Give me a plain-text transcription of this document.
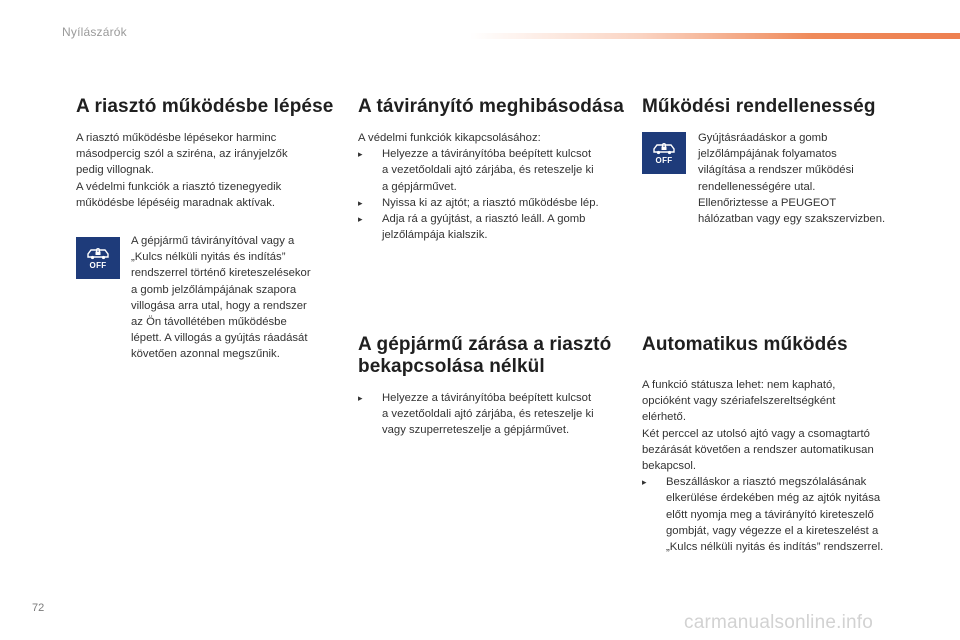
Nyílászárók
A riasztó működésbe lépése

A riasztó működésbe lépésekor harminc

másodpercig szól a sziréna, az irányjelzők

pedig villognak.

A védelmi funkciók a riasztó tizenegyedik

működésbe lépéséig maradnak aktívak.

OFF

A gépjármű távirányítóval vagy a

„Kulcs nélküli nyitás és indítás”

rendszerrel történő kireteszelésekor

a gomb jelzőlámpájának szapora

villogása arra utal, hogy a rendszer

az Ön távollétében működésbe

lépett. A villogás a gyújtás ráadását

követően azonnal megszűnik.

A távirányító meghibásodása

A védelmi funkciók kikapcsolásához:

▸ Helyezze a távirányítóba beépített kulcsot
a vezetőoldali ajtó zárjába, és reteszelje ki
a gépjárművet.
▸ Nyissa ki az ajtót; a riasztó működésbe lép.
▸ Adja rá a gyújtást, a riasztó leáll. A gomb
jelzőlámpája kialszik.
A gépjármű zárása a riasztó
bekapcsolása nélkül
▸ Helyezze a távirányítóba beépített kulcsot
a vezetőoldali ajtó zárjába, és reteszelje ki
vagy szuperreteszelje a gépjárművet.
Működési rendellenesség
OFF

Gyújtásráadáskor a gomb

jelzőlámpájának folyamatos

világítása a rendszer működési

rendellenességére utal.

Ellenőriztesse a PEUGEOT

hálózatban vagy egy szakszervizben.

Automatikus működés

A funkció státusza lehet: nem kapható,

opcióként vagy szériafelszereltségként

elérhető.

Két perccel az utolsó ajtó vagy a csomagtartó

bezárását követően a rendszer automatikusan

bekapcsol.

▸ Beszálláskor a riasztó megszólalásának
elkerülése érdekében még az ajtók nyitása
előtt nyomja meg a távirányító kireteszelő
gombját, vagy végezze el a kireteszelést a
„Kulcs nélküli nyitás és indítás” rendszerrel.
72
carmanualsonline.info
